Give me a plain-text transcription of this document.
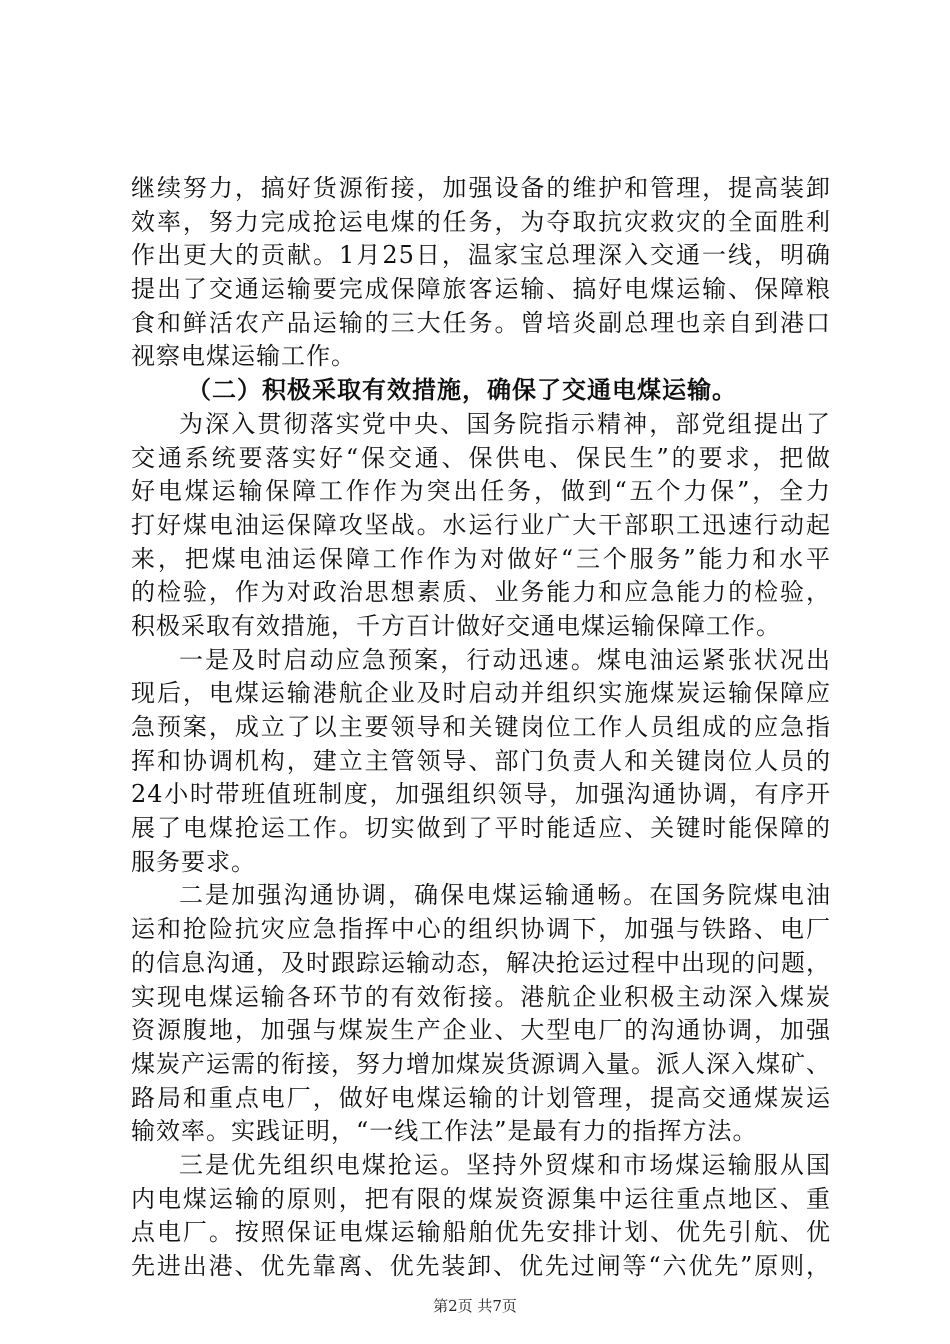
继续努力，搞好货源衔接，加强设备的维护和管理，提高装卸
效率，努力完成抢运电煤的任务，为夺取抗灾救灾的全面胜利
作出更大的贡献。1月25日，温家宝总理深入交通一线，明确
提出了交通运输要完成保障旅客运输、搞好电煤运输、保障粮
食和鲜活农产品运输的三大任务。曾培炎副总理也亲自到港口
视察电煤运输工作。
（二）积极采取有效措施，确保了交通电煤运输。
为深入贯彻落实党中央、国务院指示精神，部党组提出了
交通系统要落实好“保交通、保供电、保民生”的要求，把做
好电煤运输保障工作作为突出任务，做到“五个力保”，全力
打好煤电油运保障攻坚战。水运行业广大干部职工迅速行动起
来，把煤电油运保障工作作为对做好“三个服务”能力和水平
的检验，作为对政治思想素质、业务能力和应急能力的检验，
积极采取有效措施，千方百计做好交通电煤运输保障工作。
一是及时启动应急预案，行动迅速。煤电油运紧张状况出
现后，电煤运输港航企业及时启动并组织实施煤炭运输保障应
急预案，成立了以主要领导和关键岗位工作人员组成的应急指
挥和协调机构，建立主管领导、部门负责人和关键岗位人员的
24小时带班值班制度，加强组织领导，加强沟通协调，有序开
展了电煤抢运工作。切实做到了平时能适应、关键时能保障的
服务要求。
二是加强沟通协调，确保电煤运输通畅。在国务院煤电油
运和抢险抗灾应急指挥中心的组织协调下，加强与铁路、电厂
的信息沟通，及时跟踪运输动态，解决抢运过程中出现的问题，
实现电煤运输各环节的有效衔接。港航企业积极主动深入煤炭
资源腹地，加强与煤炭生产企业、大型电厂的沟通协调，加强
煤炭产运需的衔接，努力增加煤炭货源调入量。派人深入煤矿、
路局和重点电厂，做好电煤运输的计划管理，提高交通煤炭运
输效率。实践证明，“一线工作法”是最有力的指挥方法。
三是优先组织电煤抢运。坚持外贸煤和市场煤运输服从国
内电煤运输的原则，把有限的煤炭资源集中运往重点地区、重
点电厂。按照保证电煤运输船舶优先安排计划、优先引航、优
先进出港、优先靠离、优先装卸、优先过闸等“六优先”原则，
第2页 共7页
